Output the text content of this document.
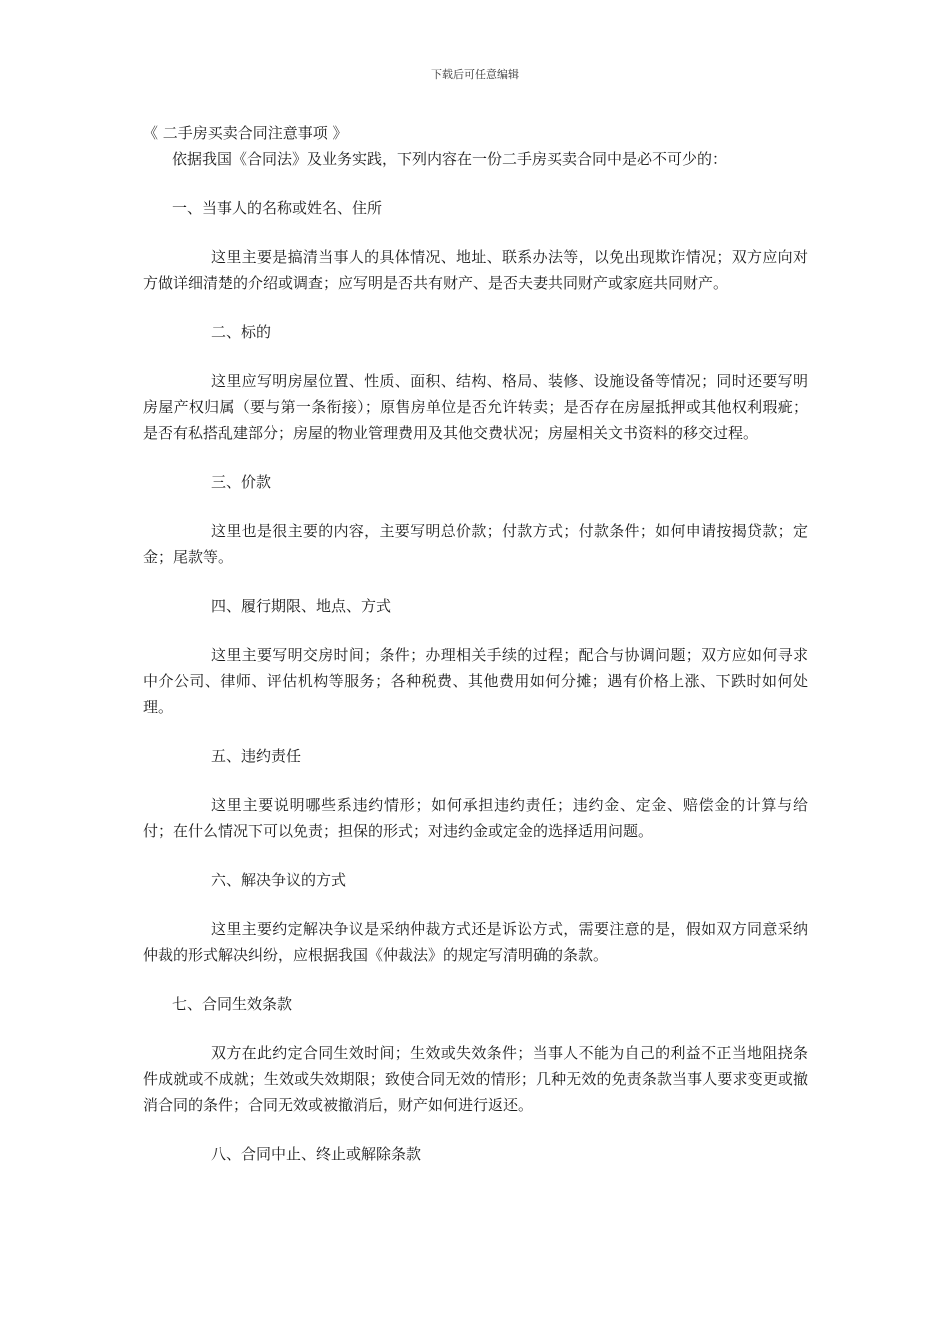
下载后可任意编辑

《 二手房买卖合同注意事项 》

依据我国《合同法》及业务实践，下列内容在一份二手房买卖合同中是必不可少的：

一、当事人的名称或姓名、住所

这里主要是搞清当事人的具体情况、地址、联系办法等，以免出现欺诈情况；双方应向对方做详细清楚的介绍或调查；应写明是否共有财产、是否夫妻共同财产或家庭共同财产。

二、标的

这里应写明房屋位置、性质、面积、结构、格局、装修、设施设备等情况；同时还要写明房屋产权归属（要与第一条衔接）；原售房单位是否允许转卖；是否存在房屋抵押或其他权利瑕疵；是否有私搭乱建部分；房屋的物业管理费用及其他交费状况；房屋相关文书资料的移交过程。

三、价款

这里也是很主要的内容，主要写明总价款；付款方式；付款条件；如何申请按揭贷款；定金；尾款等。

四、履行期限、地点、方式

这里主要写明交房时间；条件；办理相关手续的过程；配合与协调问题；双方应如何寻求中介公司、律师、评估机构等服务；各种税费、其他费用如何分摊；遇有价格上涨、下跌时如何处理。

五、违约责任

这里主要说明哪些系违约情形；如何承担违约责任；违约金、定金、赔偿金的计算与给付；在什么情况下可以免责；担保的形式；对违约金或定金的选择适用问题。

六、解决争议的方式

这里主要约定解决争议是采纳仲裁方式还是诉讼方式，需要注意的是，假如双方同意采纳仲裁的形式解决纠纷，应根据我国《仲裁法》的规定写清明确的条款。

七、合同生效条款

双方在此约定合同生效时间；生效或失效条件；当事人不能为自己的利益不正当地阻挠条件成就或不成就；生效或失效期限；致使合同无效的情形；几种无效的免责条款当事人要求变更或撤消合同的条件；合同无效或被撤消后，财产如何进行返还。

八、合同中止、终止或解除条款
